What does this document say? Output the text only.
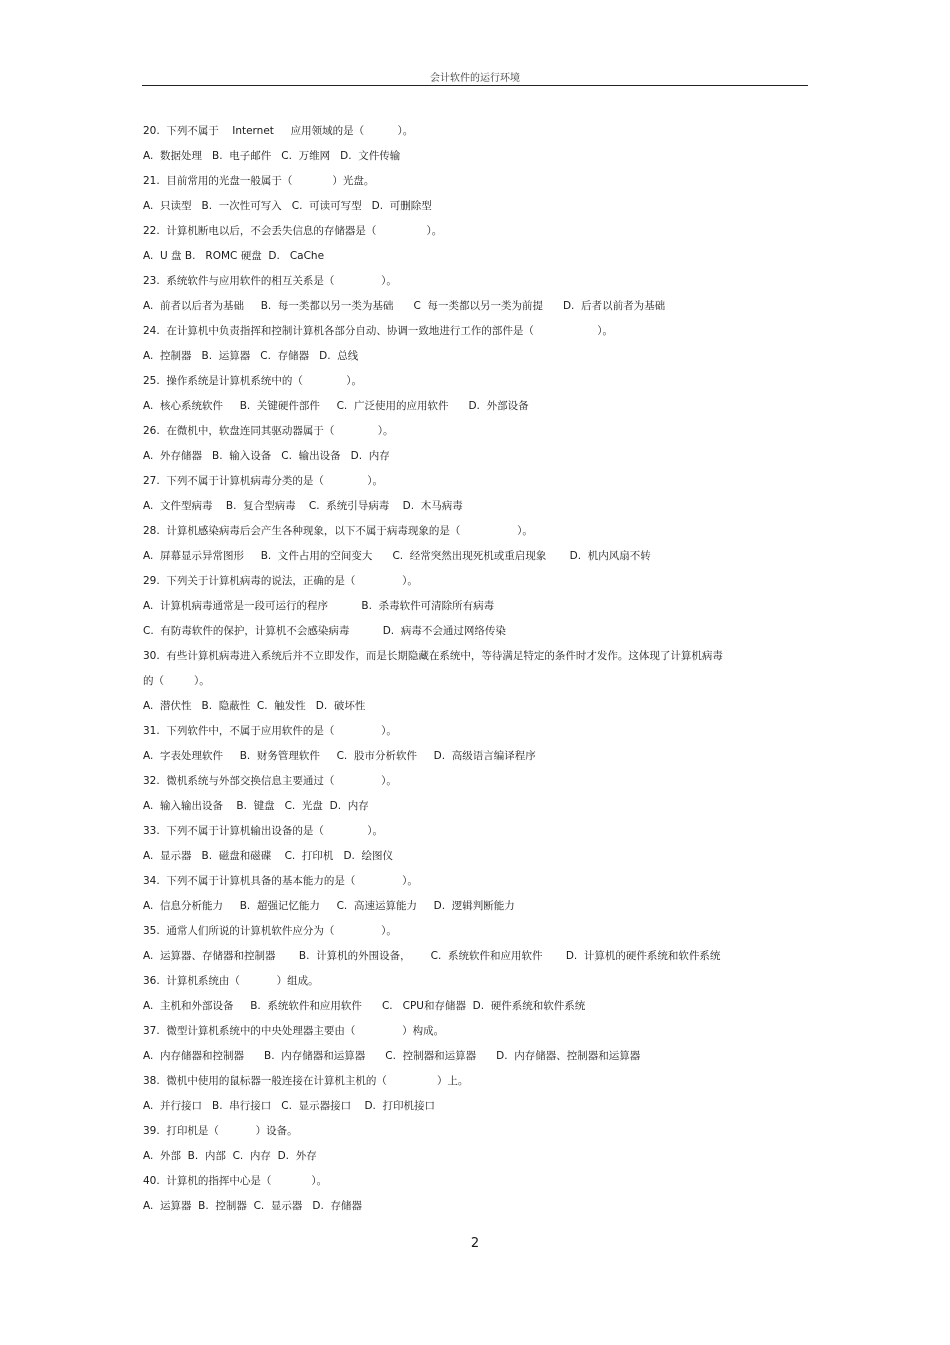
会计软件的运行环境
20.  下列不属于    Internet     应用领域的是（          ）。
A.  数据处理   B.  电子邮件   C.  万维网   D.  文件传输
21.  目前常用的光盘一般属于（            ）光盘。
A.  只读型   B.  一次性可写入   C.  可读可写型   D.  可删除型
22.  计算机断电以后，不会丢失信息的存储器是（               ）。
A.  U 盘 B.   ROMC 硬盘  D.   CaChe
23.  系统软件与应用软件的相互关系是（              ）。
A.  前者以后者为基础     B.  每一类都以另一类为基础      C  每一类都以另一类为前提      D.  后者以前者为基础
24.  在计算机中负责指挥和控制计算机各部分自动、协调一致地进行工作的部件是（                   ）。
A.  控制器   B.  运算器   C.  存储器   D.  总线
25.  操作系统是计算机系统中的（             ）。
A.  核心系统软件     B.  关键硬件部件     C.  广泛使用的应用软件      D.  外部设备
26.  在微机中，软盘连同其驱动器属于（             ）。
A.  外存储器   B.  输入设备   C.  输出设备   D.  内存
27.  下列不属于计算机病毒分类的是（             ）。
A.  文件型病毒    B.  复合型病毒    C.  系统引导病毒    D.  木马病毒
28.  计算机感染病毒后会产生各种现象，以下不属于病毒现象的是（                 ）。
A.  屏幕显示异常图形     B.  文件占用的空间变大      C.  经常突然出现死机或重启现象       D.  机内风扇不转
29.  下列关于计算机病毒的说法，正确的是（              ）。
A.  计算机病毒通常是一段可运行的程序          B.  杀毒软件可清除所有病毒
C.  有防毒软件的保护，计算机不会感染病毒          D.  病毒不会通过网络传染
30.  有些计算机病毒进入系统后并不立即发作，而是长期隐藏在系统中，等待满足特定的条件时才发作。这体现了计算机病毒
的（         ）。
A.  潜伏性   B.  隐蔽性  C.  触发性   D.  破坏性
31.  下列软件中，不属于应用软件的是（              ）。
A.  字表处理软件     B.  财务管理软件     C.  股市分析软件     D.  高级语言编译程序
32.  微机系统与外部交换信息主要通过（              ）。
A.  输入输出设备    B.  键盘   C.  光盘  D.  内存
33.  下列不属于计算机输出设备的是（             ）。
A.  显示器   B.  磁盘和磁碟    C.  打印机   D.  绘图仪
34.  下列不属于计算机具备的基本能力的是（              ）。
A.  信息分析能力     B.  超强记忆能力     C.  高速运算能力     D.  逻辑判断能力
35.  通常人们所说的计算机软件应分为（              ）。
A.  运算器、存储器和控制器       B.  计算机的外围设备，      C.  系统软件和应用软件       D.  计算机的硬件系统和软件系统
36.  计算机系统由（           ）组成。
A.  主机和外部设备     B.  系统软件和应用软件      C.   CPU和存储器  D.  硬件系统和软件系统
37.  微型计算机系统中的中央处理器主要由（              ）构成。
A.  内存储器和控制器      B.  内存储器和运算器      C.  控制器和运算器      D.  内存储器、控制器和运算器
38.  微机中使用的鼠标器一般连接在计算机主机的（               ）上。
A.  并行接口   B.  串行接口   C.  显示器接口    D.  打印机接口
39.  打印机是（           ）设备。
A.  外部  B.  内部  C.  内存  D.  外存
40.  计算机的指挥中心是（            ）。
A.  运算器  B.  控制器  C.  显示器   D.  存储器
2
